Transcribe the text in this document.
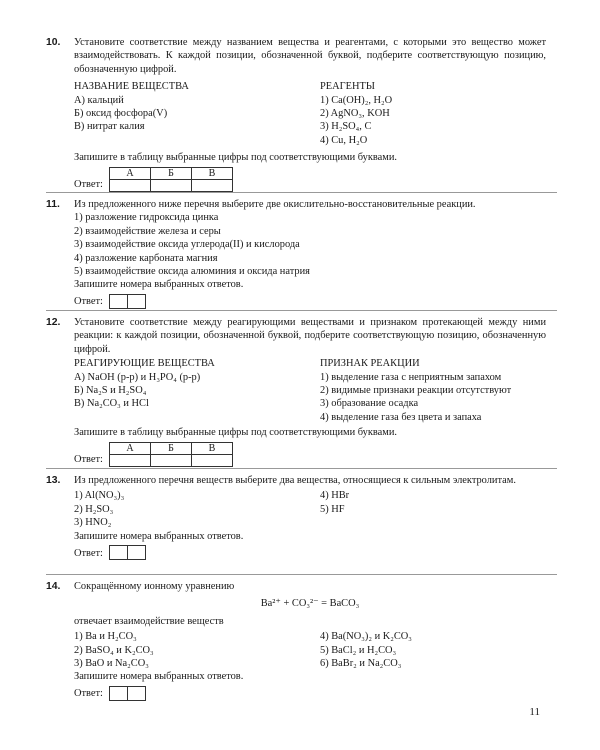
10. Установите соответствие между названием вещества и реагентами, с которыми это вещество может взаимодействовать. К каждой позиции, обозначенной буквой, подберите соответствующую позицию, обозначенную цифрой.

НАЗВАНИЕ ВЕЩЕСТВА
А) кальций
Б) оксид фосфора(V)
В) нитрат калия
РЕАГЕНТЫ
1) Ca(OH)₂, H₂O
2) AgNO₃, KOH
3) H₂SO₄, C
4) Cu, H₂O

Запишите в таблицу выбранные цифры под соответствующими буквами.

Ответ:
А	Б	В

11. Из предложенного ниже перечня выберите две окислительно-восстановительные реакции.

1) разложение гидроксида цинка
2) взаимодействие железа и серы
3) взаимодействие оксида углерода(II) и кислорода
4) разложение карбоната магния
5) взаимодействие оксида алюминия и оксида натрия

Запишите номера выбранных ответов.

Ответ:
12. Установите соответствие между реагирующими веществами и признаком протекающей между ними реакции: к каждой позиции, обозначенной буквой, подберите соответствующую позицию, обозначенную цифрой.

РЕАГИРУЮЩИЕ ВЕЩЕСТВА
А) NaOH (р-р) и H₃PO₄ (р-р)
Б) Na₂S и H₂SO₄
В) Na₂CO₃ и HCl
ПРИЗНАК РЕАКЦИИ
1) выделение газа с неприятным запахом
2) видимые признаки реакции отсутствуют
3) образование осадка
4) выделение газа без цвета и запаха

Запишите в таблицу выбранные цифры под соответствующими буквами.

Ответ:
А	Б	В

13. Из предложенного перечня веществ выберите два вещества, относящиеся к сильным электролитам.

1) Al(NO₃)₃
2) H₂SO₃
3) HNO₂
4) HBr
5) HF

Запишите номера выбранных ответов.

Ответ:
14. Сокращённому ионному уравнению

Ba²⁺ + CO₃²⁻ = BaCO₃

отвечает взаимодействие веществ

1) Ba и H₂CO₃
2) BaSO₄ и K₂CO₃
3) BaO и Na₂CO₃
4) Ba(NO₃)₂ и K₂CO₃
5) BaCl₂ и H₂CO₃
6) BaBr₂ и Na₂CO₃

Запишите номера выбранных ответов.

Ответ:
11
